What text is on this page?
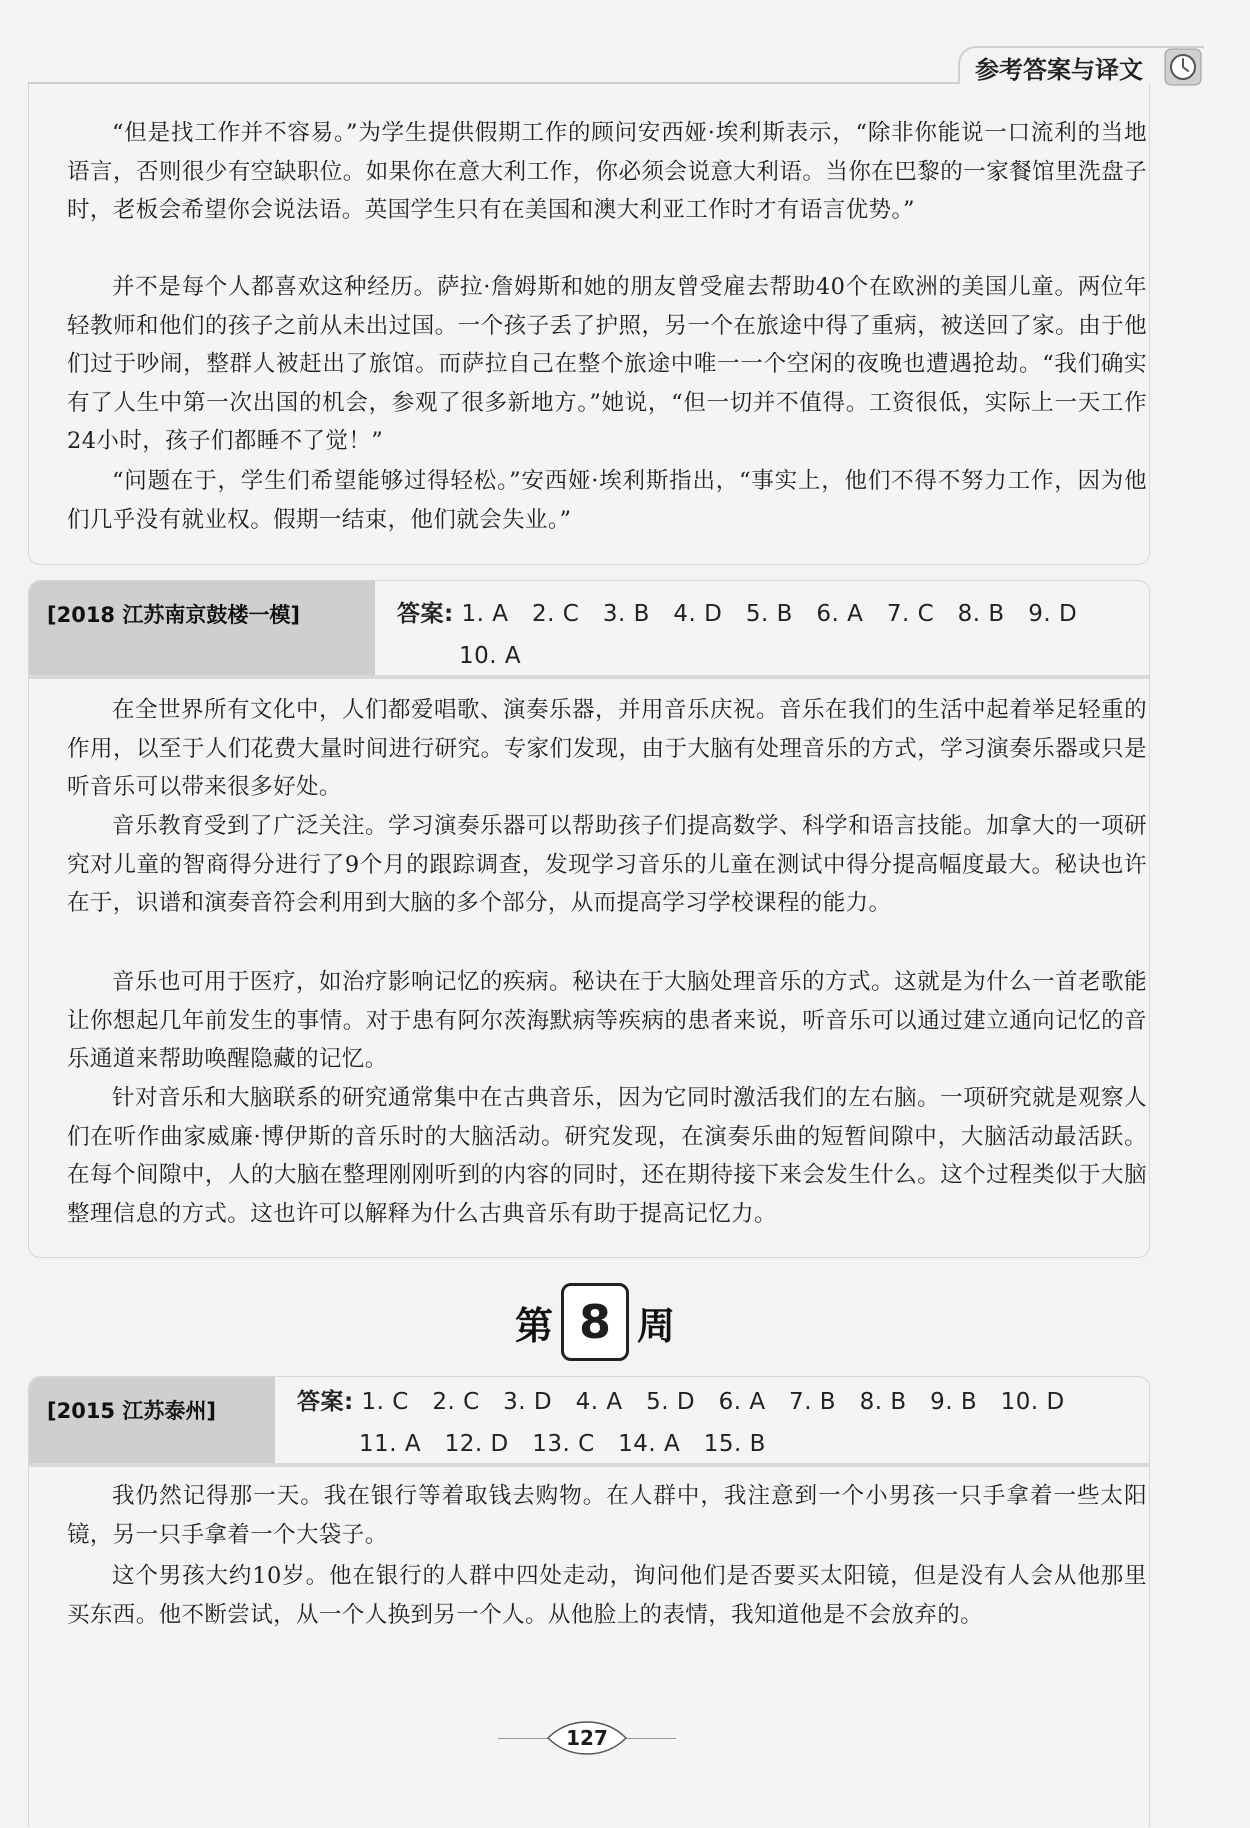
参考答案与译文
“但是找工作并不容易。”为学生提供假期工作的顾问安西娅·埃利斯表示，“除非你能说一口流利的当地语言，否则很少有空缺职位。如果你在意大利工作，你必须会说意大利语。当你在巴黎的一家餐馆里洗盘子时，老板会希望你会说法语。英国学生只有在美国和澳大利亚工作时才有语言优势。”
并不是每个人都喜欢这种经历。萨拉·詹姆斯和她的朋友曾受雇去帮助40个在欧洲的美国儿童。两位年轻教师和他们的孩子之前从未出过国。一个孩子丢了护照，另一个在旅途中得了重病，被送回了家。由于他们过于吵闹，整群人被赶出了旅馆。而萨拉自己在整个旅途中唯一一个空闲的夜晚也遭遇抢劫。“我们确实有了人生中第一次出国的机会，参观了很多新地方。”她说，“但一切并不值得。工资很低，实际上一天工作24小时，孩子们都睡不了觉！”
“问题在于，学生们希望能够过得轻松。”安西娅·埃利斯指出，“事实上，他们不得不努力工作，因为他们几乎没有就业权。假期一结束，他们就会失业。”
[2018 江苏南京鼓楼一模]	答案: 1. A　2. C　3. B　4. D　5. B　6. A　7. C　8. B　9. D
10. A
在全世界所有文化中，人们都爱唱歌、演奏乐器，并用音乐庆祝。音乐在我们的生活中起着举足轻重的作用，以至于人们花费大量时间进行研究。专家们发现，由于大脑有处理音乐的方式，学习演奏乐器或只是听音乐可以带来很多好处。
音乐教育受到了广泛关注。学习演奏乐器可以帮助孩子们提高数学、科学和语言技能。加拿大的一项研究对儿童的智商得分进行了9个月的跟踪调查，发现学习音乐的儿童在测试中得分提高幅度最大。秘诀也许在于，识谱和演奏音符会利用到大脑的多个部分，从而提高学习学校课程的能力。
音乐也可用于医疗，如治疗影响记忆的疾病。秘诀在于大脑处理音乐的方式。这就是为什么一首老歌能让你想起几年前发生的事情。对于患有阿尔茨海默病等疾病的患者来说，听音乐可以通过建立通向记忆的音乐通道来帮助唤醒隐藏的记忆。
针对音乐和大脑联系的研究通常集中在古典音乐，因为它同时激活我们的左右脑。一项研究就是观察人们在听作曲家威廉·博伊斯的音乐时的大脑活动。研究发现，在演奏乐曲的短暂间隙中，大脑活动最活跃。在每个间隙中，人的大脑在整理刚刚听到的内容的同时，还在期待接下来会发生什么。这个过程类似于大脑整理信息的方式。这也许可以解释为什么古典音乐有助于提高记忆力。
第 8 周
[2015 江苏泰州]	答案: 1. C　2. C　3. D　4. A　5. D　6. A　7. B　8. B　9. B　10. D
11. A　12. D　13. C　14. A　15. B
我仍然记得那一天。我在银行等着取钱去购物。在人群中，我注意到一个小男孩一只手拿着一些太阳镜，另一只手拿着一个大袋子。
这个男孩大约10岁。他在银行的人群中四处走动，询问他们是否要买太阳镜，但是没有人会从他那里买东西。他不断尝试，从一个人换到另一个人。从他脸上的表情，我知道他是不会放弃的。
127
